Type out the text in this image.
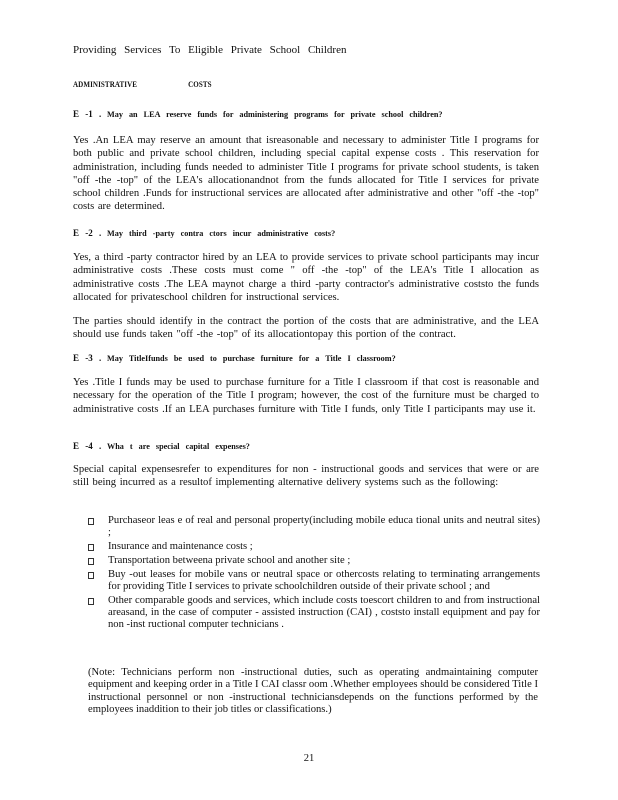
Providing Services To Eligible Private School Children
ADMINISTRATIVE	COSTS
E -1 . May an LEA reserve funds for administering programs for private school children?
Yes .An LEA may reserve an amount that isreasonable and necessary to administer Title I programs for both public and private school children, including special capital expense costs . This reservation for administration, including funds needed to administer Title I programs for private school students, is taken "off -the -top" of the LEA's allocationandnot from the funds allocated for Title I services for private school children .Funds for instructional services are allocated after administrative and other "off -the -top" costs are determined.
E -2 . May third -party contra ctors incur administrative costs?
Yes, a third -party contractor hired by an LEA to provide services to private school participants may incur administrative costs .These costs must come " off -the -top" of the LEA's Title I allocation as administrative costs .The LEA maynot charge a third -party contractor's administrative coststo the funds allocated for privateschool children for instructional services.
The parties should identify in the contract the portion of the costs that are administrative, and the LEA should use funds taken "off -the -top" of its allocationtopay this portion of the contract.
E -3 . May TitleIfunds be used to purchase furniture for a Title I classroom?
Yes .Title I funds may be used to purchase furniture for a Title I classroom if that cost is reasonable and necessary for the operation of the Title I program; however, the cost of the furniture must be charged to administrative costs .If an LEA purchases furniture with Title I funds, only Title I participants may use it.
E -4 . Wha t are special capital expenses?
Special capital expensesrefer to expenditures for non - instructional goods and services that were or are still being incurred as a resultof implementing alternative delivery systems such as the following:
Purchaseor leas e of real and personal property(including mobile educa tional units and neutral sites) ;
Insurance and maintenance costs ;
Transportation betweena private school and another site ;
Buy -out leases for mobile vans or neutral space or othercosts relating to terminating arrangements for providing Title I services to private schoolchildren outside of their private school ; and
Other comparable goods and services, which include costs toescort children to and from instructional areasand, in the case of computer - assisted instruction (CAI) , coststo install equipment and pay for non -inst ructional computer technicians .
(Note: Technicians perform non -instructional duties, such as operating andmaintaining computer equipment and keeping order in a Title I CAI classr oom .Whether employees should be considered Title I instructional personnel or non -instructional techniciansdepends on the functions performed by the employees inaddition to their job titles or classifications.)
21
